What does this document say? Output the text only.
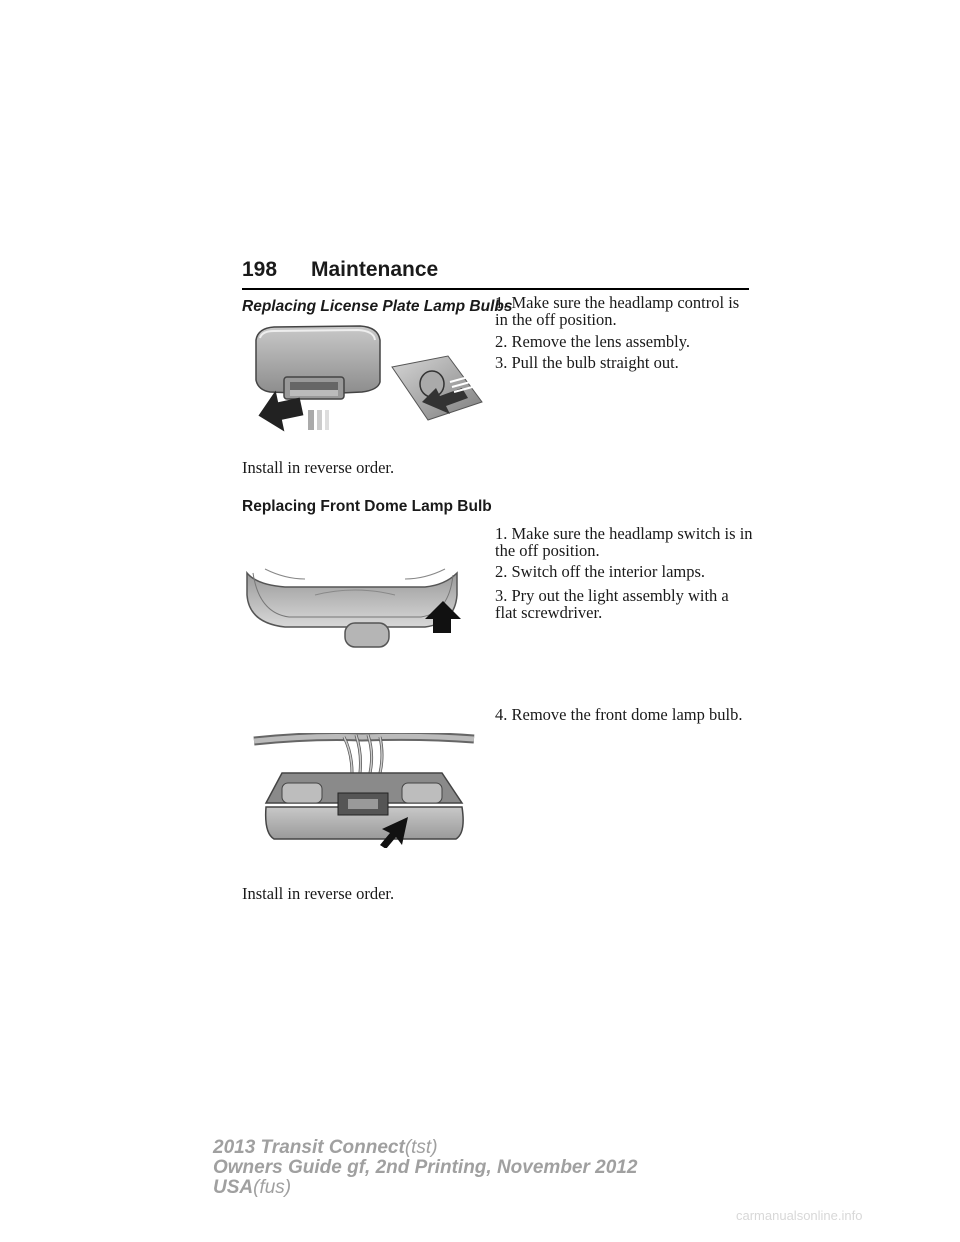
198 Maintenance
Replacing License Plate Lamp Bulbs
1. Make sure the headlamp control is in the off position.
2. Remove the lens assembly.
3. Pull the bulb straight out.
Install in reverse order.
Replacing Front Dome Lamp Bulb
1. Make sure the headlamp switch is in the off position.
2. Switch off the interior lamps.
3. Pry out the light assembly with a flat screwdriver.
4. Remove the front dome lamp bulb.
Install in reverse order.
2013 Transit Connect(tst)
Owners Guide gf, 2nd Printing, November 2012
USA(fus)
carmanualsonline.info
